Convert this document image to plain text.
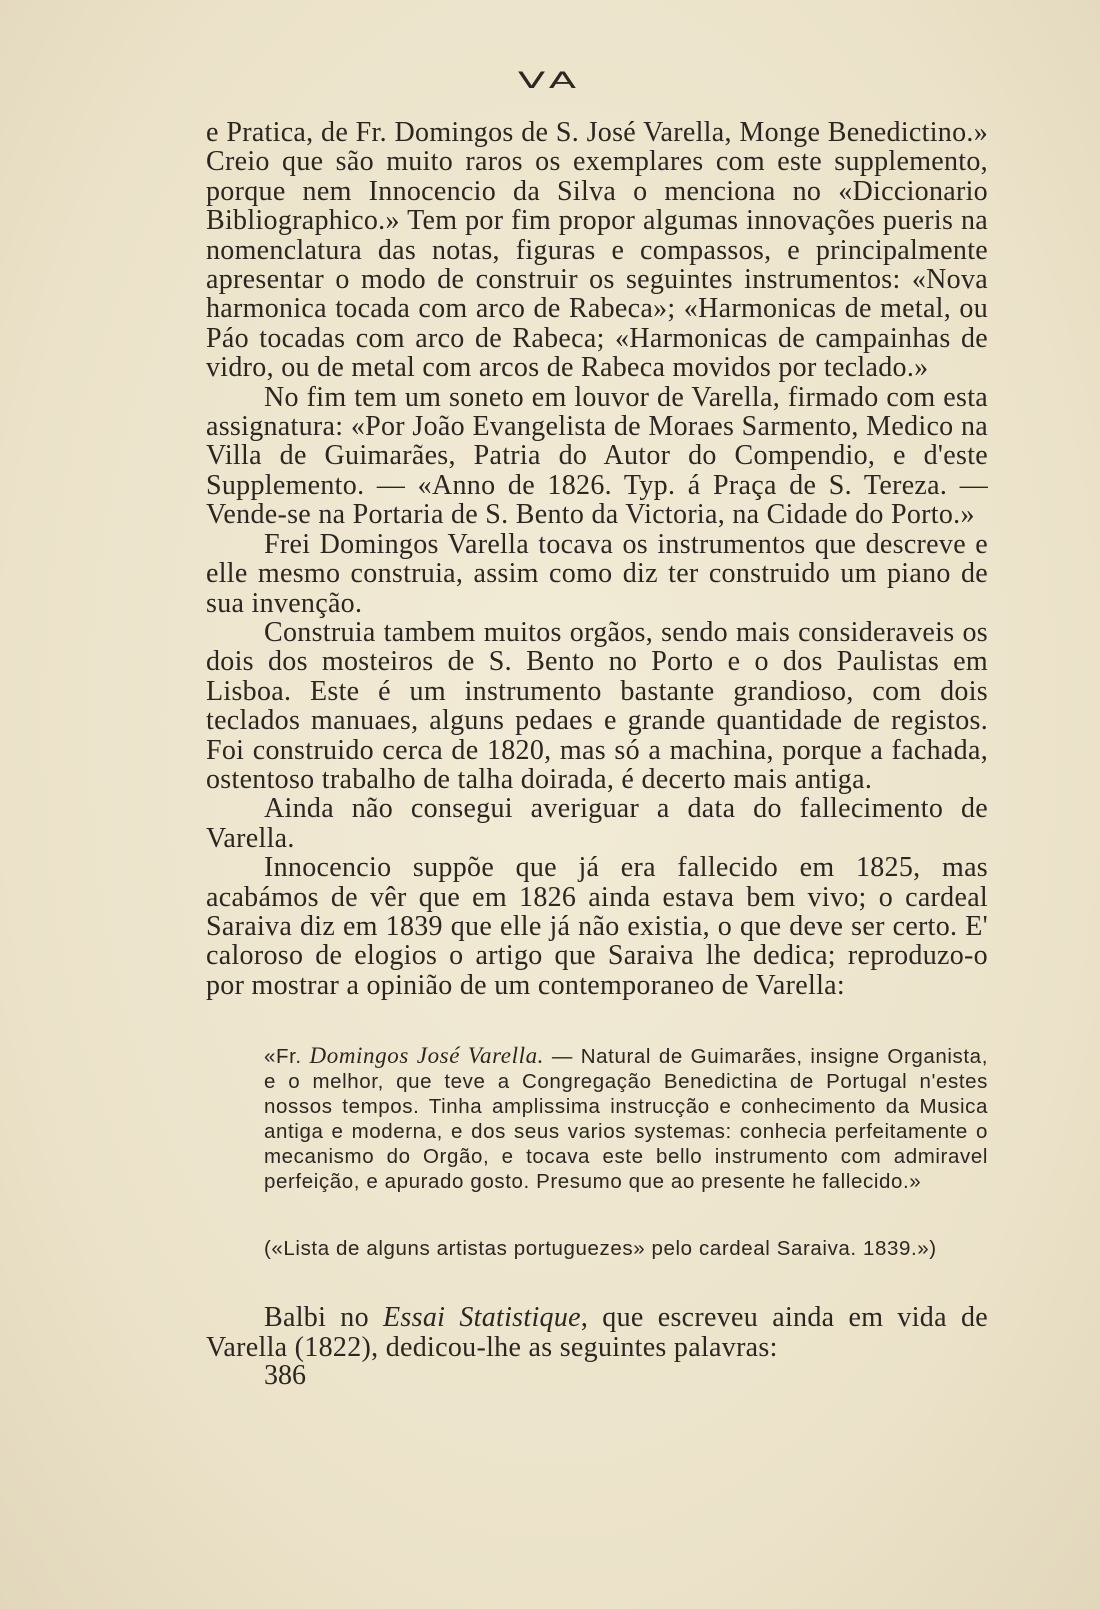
VA

e Pratica, de Fr. Domingos de S. José Varella, Monge Benedictino.» Creio que são muito raros os exemplares com este supplemento, porque nem Innocencio da Silva o menciona no «Diccionario Bibliographico.» Tem por fim propor algumas innovações pueris na nomenclatura das notas, figuras e compassos, e principalmente apresentar o modo de construir os seguintes instrumentos: «Nova harmonica tocada com arco de Rabeca»; «Harmonicas de metal, ou Páo tocadas com arco de Rabeca; «Harmonicas de campainhas de vidro, ou de metal com arcos de Rabeca movidos por teclado.»

No fim tem um soneto em louvor de Varella, firmado com esta assignatura: «Por João Evangelista de Moraes Sarmento, Medico na Villa de Guimarães, Patria do Autor do Compendio, e d'este Supplemento. — «Anno de 1826. Typ. á Praça de S. Tereza. — Vende-se na Portaria de S. Bento da Victoria, na Cidade do Porto.»

Frei Domingos Varella tocava os instrumentos que descreve e elle mesmo construia, assim como diz ter construido um piano de sua invenção.

Construia tambem muitos orgãos, sendo mais consideraveis os dois dos mosteiros de S. Bento no Porto e o dos Paulistas em Lisboa. Este é um instrumento bastante grandioso, com dois teclados manuaes, alguns pedaes e grande quantidade de registos. Foi construido cerca de 1820, mas só a machina, porque a fachada, ostentoso trabalho de talha doirada, é decerto mais antiga.

Ainda não consegui averiguar a data do fallecimento de Varella.

Innocencio suppõe que já era fallecido em 1825, mas acabámos de vêr que em 1826 ainda estava bem vivo; o cardeal Saraiva diz em 1839 que elle já não existia, o que deve ser certo. E' caloroso de elogios o artigo que Saraiva lhe dedica; reproduzo-o por mostrar a opinião de um contemporaneo de Varella:

«Fr. Domingos José Varella. — Natural de Guimarães, insigne Organista, e o melhor, que teve a Congregação Benedictina de Portugal n'estes nossos tempos. Tinha amplissima instrucção e conhecimento da Musica antiga e moderna, e dos seus varios systemas: conhecia perfeitamente o mecanismo do Orgão, e tocava este bello instrumento com admiravel perfeição, e apurado gosto. Presumo que ao presente he fallecido.»

(«Lista de alguns artistas portuguezes» pelo cardeal Saraiva. 1839.»)

Balbi no Essai Statistique, que escreveu ainda em vida de Varella (1822), dedicou-lhe as seguintes palavras:

386
